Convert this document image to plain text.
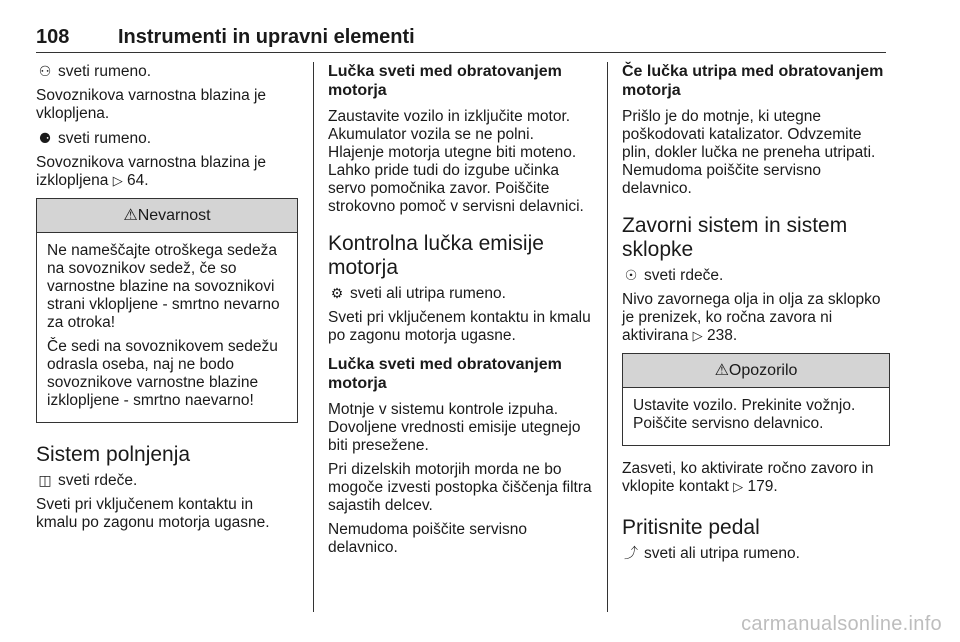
108 Instrumenti in upravni elementi

⚇ sveti rumeno.

Sovoznikova varnostna blazina je vklopljena.

⚈ sveti rumeno.

Sovoznikova varnostna blazina je izklopljena ▷ 64.

⚠Nevarnost

Ne nameščajte otroškega sedeža na sovoznikov sedež, če so varnostne blazine na sovoznikovi strani vklopljene - smrtno nevarno za otroka!

Če sedi na sovoznikovem sedežu odrasla oseba, naj ne bodo sovoznikove varnostne blazine izklopljene - smrtno naevarno!

Sistem polnjenja

◫ sveti rdeče.

Sveti pri vključenem kontaktu in kmalu po zagonu motorja ugasne.

Lučka sveti med obratovanjem motorja

Zaustavite vozilo in izključite motor. Akumulator vozila se ne polni. Hlajenje motorja utegne biti moteno. Lahko pride tudi do izgube učinka servo pomočnika zavor. Poiščite strokovno pomoč v servisni delavnici.

Kontrolna lučka emisije motorja

⚙ sveti ali utripa rumeno.

Sveti pri vključenem kontaktu in kmalu po zagonu motorja ugasne.

Lučka sveti med obratovanjem motorja

Motnje v sistemu kontrole izpuha. Dovoljene vrednosti emisije utegnejo biti presežene.

Pri dizelskih motorjih morda ne bo mogoče izvesti postopka čiščenja filtra sajastih delcev.

Nemudoma poiščite servisno delavnico.

Če lučka utripa med obratovanjem motorja

Prišlo je do motnje, ki utegne poškodovati katalizator. Odvzemite plin, dokler lučka ne preneha utripati. Nemudoma poiščite servisno delavnico.

Zavorni sistem in sistem sklopke

☉ sveti rdeče.

Nivo zavornega olja in olja za sklopko je prenizek, ko ročna zavora ni aktivirana ▷ 238.

⚠Opozorilo

Ustavite vozilo. Prekinite vožnjo. Poiščite servisno delavnico.

Zasveti, ko aktivirate ročno zavoro in vklopite kontakt ▷ 179.

Pritisnite pedal

⤴ sveti ali utripa rumeno.

carmanualsonline.info
